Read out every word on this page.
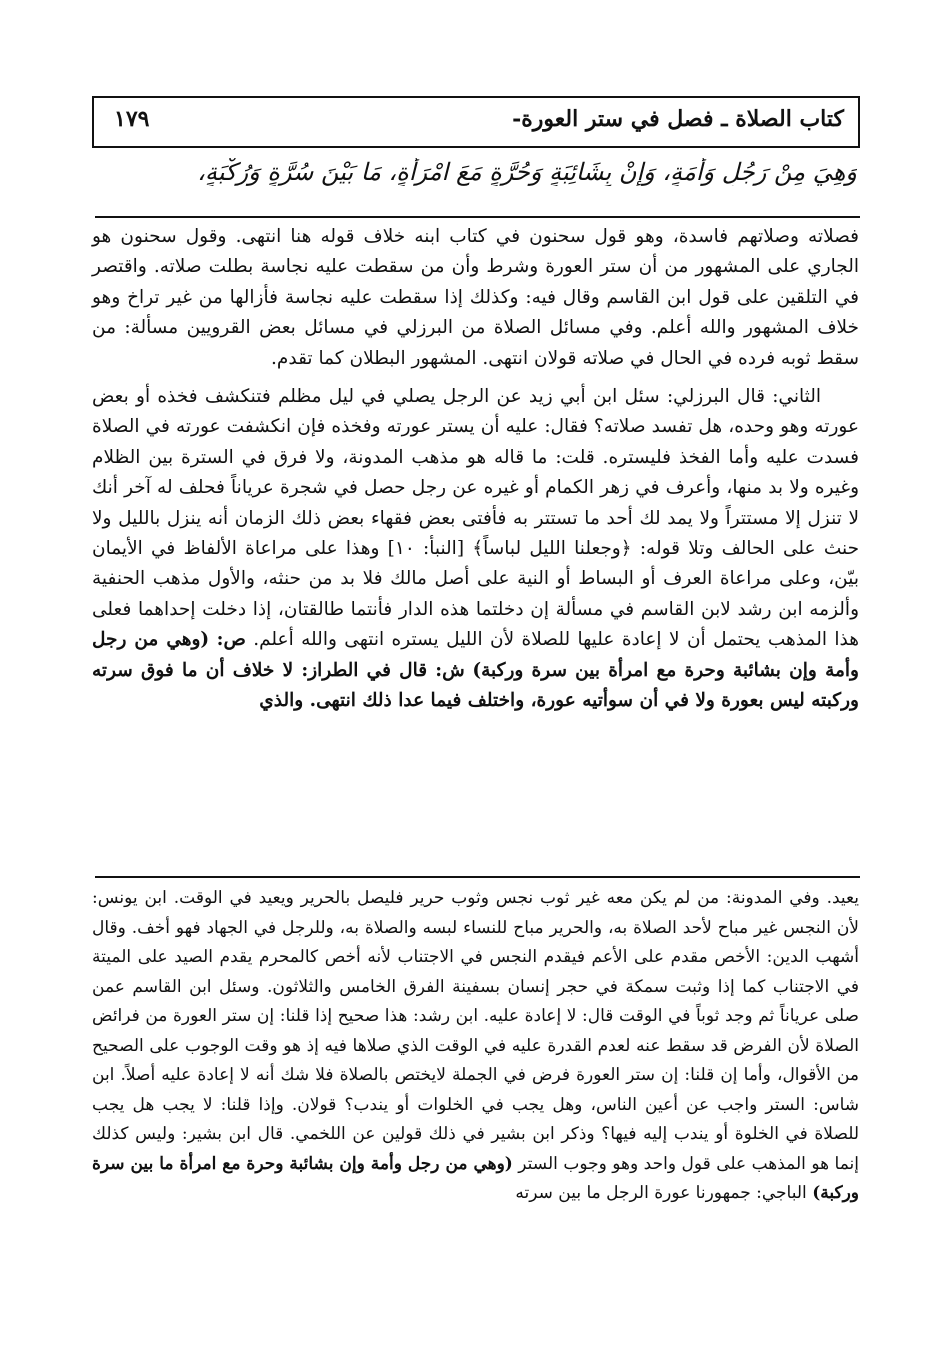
كتاب الصلاة ـ فصل في ستر العورة-
١٧٩
وَهِيَ مِنْ رَجُلٍ وَأَمَةٍ، وَإِنْ بِشَائِبَةٍ وَحُرَّةٍ مَعَ امْرَأَةٍ، مَا بَيْنَ سُرَّةٍ وَرُكْبَةٍ،

فصلاته وصلاتهم فاسدة، وهو قول سحنون في كتاب ابنه خلاف قوله هنا انتهى. وقول سحنون هو الجاري على المشهور من أن ستر العورة وشرط وأن من سقطت عليه نجاسة بطلت صلاته. واقتصر في التلقين على قول ابن القاسم وقال فيه: وكذلك إذا سقطت عليه نجاسة فأزالها من غير تراخ وهو خلاف المشهور والله أعلم. وفي مسائل الصلاة من البرزلي في مسائل بعض القرويين مسألة: من سقط ثوبه فرده في الحال في صلاته قولان انتهى. المشهور البطلان كما تقدم.

الثاني: قال البرزلي: سئل ابن أبي زيد عن الرجل يصلي في ليل مظلم فتنكشف فخذه أو بعض عورته وهو وحده، هل تفسد صلاته؟ فقال: عليه أن يستر عورته وفخذه فإن انكشفت عورته في الصلاة فسدت عليه وأما الفخذ فليستره. قلت: ما قاله هو مذهب المدونة، ولا فرق في السترة بين الظلام وغيره ولا بد منها، وأعرف في زهر الكمام أو غيره عن رجل حصل في شجرة عرياناً فحلف له آخر أنك لا تنزل إلا مستتراً ولا يمد لك أحد ما تستتر به فأفتى بعض فقهاء بعض ذلك الزمان أنه ينزل بالليل ولا حنث على الحالف وتلا قوله: ﴿وجعلنا الليل لباساً﴾ [النبأ: ١٠] وهذا على مراعاة الألفاظ في الأيمان بيّن، وعلى مراعاة العرف أو البساط أو النية على أصل مالك فلا بد من حنثه، والأول مذهب الحنفية وألزمه ابن رشد لابن القاسم في مسألة إن دخلتما هذه الدار فأنتما طالقتان، إذا دخلت إحداهما فعلى هذا المذهب يحتمل أن لا إعادة عليها للصلاة لأن الليل يستره انتهى والله أعلم. ص: (وهي من رجل وأمة وإن بشائبة وحرة مع امرأة بين سرة وركبة) ش: قال في الطراز: لا خلاف أن ما فوق سرته وركبته ليس بعورة ولا في أن سوأتيه عورة، واختلف فيما عدا ذلك انتهى. والذي

يعيد. وفي المدونة: من لم يكن معه غير ثوب نجس وثوب حرير فليصل بالحرير ويعيد في الوقت. ابن يونس: لأن النجس غير مباح لأحد الصلاة به، والحرير مباح للنساء لبسه والصلاة به، وللرجل في الجهاد فهو أخف. وقال أشهب الدين: الأخص مقدم على الأعم فيقدم النجس في الاجتناب لأنه أخص كالمحرم يقدم الصيد على الميتة في الاجتناب كما إذا وثبت سمكة في حجر إنسان بسفينة الفرق الخامس والثلاثون. وسئل ابن القاسم عمن صلى عرياناً ثم وجد ثوباً في الوقت قال: لا إعادة عليه. ابن رشد: هذا صحيح إذا قلنا: إن ستر العورة من فرائض الصلاة لأن الفرض قد سقط عنه لعدم القدرة عليه في الوقت الذي صلاها فيه إذ هو وقت الوجوب على الصحيح من الأقوال، وأما إن قلنا: إن ستر العورة فرض في الجملة لايختص بالصلاة فلا شك أنه لا إعادة عليه أصلاً. ابن شاس: الستر واجب عن أعين الناس، وهل يجب في الخلوات أو يندب؟ قولان. وإذا قلنا: لا يجب هل يجب للصلاة في الخلوة أو يندب إليه فيها؟ وذكر ابن بشير في ذلك قولين عن اللخمي. قال ابن بشير: وليس كذلك إنما هو المذهب على قول واحد وهو وجوب الستر (وهي من رجل وأمة وإن بشائبة وحرة مع امرأة ما بين سرة وركبة) الباجي: جمهورنا عورة الرجل ما بين سرته
